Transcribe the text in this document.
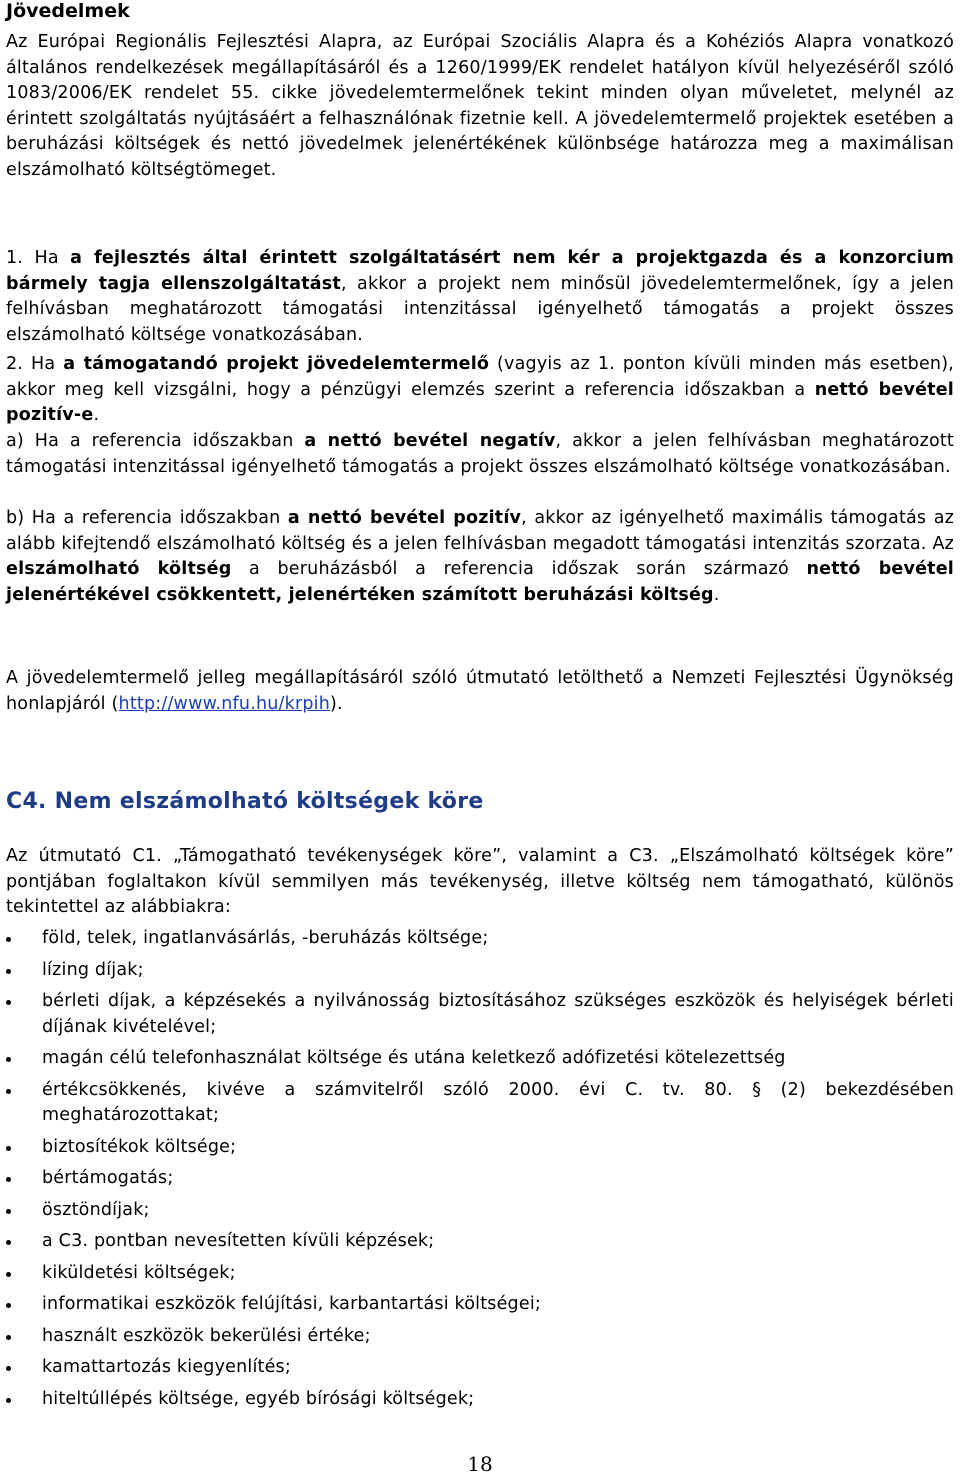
Jövedelmek

Az Európai Regionális Fejlesztési Alapra, az Európai Szociális Alapra és a Kohéziós Alapra vonatkozó általános rendelkezések megállapításáról és a 1260/1999/EK rendelet hatályon kívül helyezéséről szóló 1083/2006/EK rendelet 55. cikke jövedelemtermelőnek tekint minden olyan műveletet, melynél az érintett szolgáltatás nyújtásáért a felhasználónak fizetnie kell. A jövedelemtermelő projektek esetében a beruházási költségek és nettó jövedelmek jelenértékének különbsége határozza meg a maximálisan elszámolható költségtömeget.

1. Ha a fejlesztés által érintett szolgáltatásért nem kér a projektgazda és a konzorcium bármely tagja ellenszolgáltatást, akkor a projekt nem minősül jövedelemtermelőnek, így a jelen felhívásban meghatározott támogatási intenzitással igényelhető támogatás a projekt összes elszámolható költsége vonatkozásában.

2. Ha a támogatandó projekt jövedelemtermelő (vagyis az 1. ponton kívüli minden más esetben), akkor meg kell vizsgálni, hogy a pénzügyi elemzés szerint a referencia időszakban a nettó bevétel pozitív-e.

a) Ha a referencia időszakban a nettó bevétel negatív, akkor a jelen felhívásban meghatározott támogatási intenzitással igényelhető támogatás a projekt összes elszámolható költsége vonatkozásában.

b) Ha a referencia időszakban a nettó bevétel pozitív, akkor az igényelhető maximális támogatás az alább kifejtendő elszámolható költség és a jelen felhívásban megadott támogatási intenzitás szorzata. Az elszámolható költség a beruházásból a referencia időszak során származó nettó bevétel jelenértékével csökkentett, jelenértéken számított beruházási költség.

A jövedelemtermelő jelleg megállapításáról szóló útmutató letölthető a Nemzeti Fejlesztési Ügynökség honlapjáról (http://www.nfu.hu/krpih).

C4. Nem elszámolható költségek köre

Az útmutató C1. „Támogatható tevékenységek köre”, valamint a C3. „Elszámolható költségek köre” pontjában foglaltakon kívül semmilyen más tevékenység, illetve költség nem támogatható, különös tekintettel az alábbiakra:

föld, telek, ingatlanvásárlás, -beruházás költsége;
lízing díjak;
bérleti díjak, a képzésekés a nyilvánosság biztosításához szükséges eszközök és helyiségek bérleti díjának kivételével;
magán célú telefonhasználat költsége és utána keletkező adófizetési kötelezettség
értékcsökkenés, kivéve a számvitelről szóló 2000. évi C. tv. 80. § (2) bekezdésében meghatározottakat;
biztosítékok költsége;
bértámogatás;
ösztöndíjak;
a C3. pontban nevesítetten kívüli képzések;
kiküldetési költségek;
informatikai eszközök felújítási, karbantartási költségei;
használt eszközök bekerülési értéke;
kamattartozás kiegyenlítés;
hiteltúllépés költsége, egyéb bírósági költségek;
18
